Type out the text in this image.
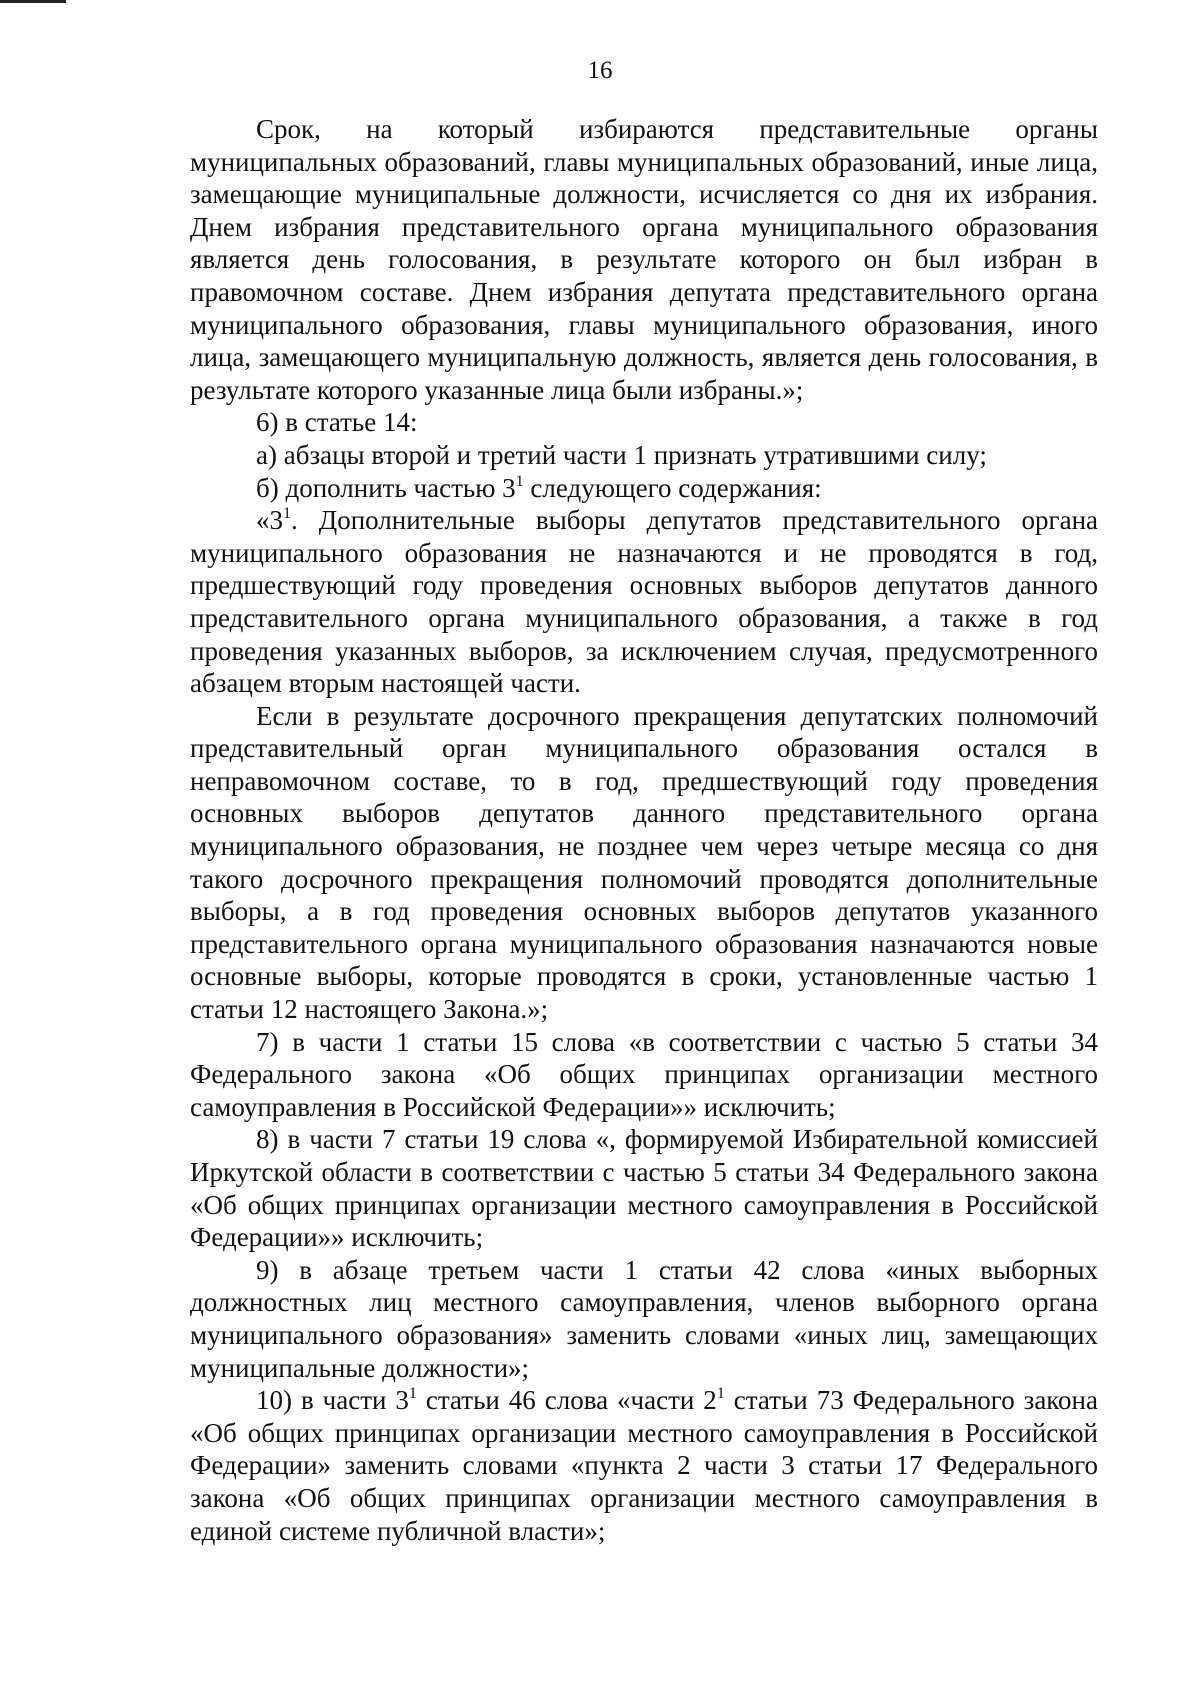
16

Срок, на который избираются представительные органы муниципальных образований, главы муниципальных образований, иные лица, замещающие муниципальные должности, исчисляется со дня их избрания. Днем избрания представительного органа муниципального образования является день голосования, в результате которого он был избран в правомочном составе. Днем избрания депутата представительного органа муниципального образования, главы муниципального образования, иного лица, замещающего муниципальную должность, является день голосования, в результате которого указанные лица были избраны.»;

6) в статье 14:

а) абзацы второй и третий части 1 признать утратившими силу;

б) дополнить частью $3^1$ следующего содержания:

«$3^1$. Дополнительные выборы депутатов представительного органа муниципального образования не назначаются и не проводятся в год, предшествующий году проведения основных выборов депутатов данного представительного органа муниципального образования, а также в год проведения указанных выборов, за исключением случая, предусмотренного абзацем вторым настоящей части.

Если в результате досрочного прекращения депутатских полномочий представительный орган муниципального образования остался в неправомочном составе, то в год, предшествующий году проведения основных выборов депутатов данного представительного органа муниципального образования, не позднее чем через четыре месяца со дня такого досрочного прекращения полномочий проводятся дополнительные выборы, а в год проведения основных выборов депутатов указанного представительного органа муниципального образования назначаются новые основные выборы, которые проводятся в сроки, установленные частью 1 статьи 12 настоящего Закона.»;

7) в части 1 статьи 15 слова «в соответствии с частью 5 статьи 34 Федерального закона «Об общих принципах организации местного самоуправления в Российской Федерации»» исключить;

8) в части 7 статьи 19 слова «, формируемой Избирательной комиссией Иркутской области в соответствии с частью 5 статьи 34 Федерального закона «Об общих принципах организации местного самоуправления в Российской Федерации»» исключить;

9) в абзаце третьем части 1 статьи 42 слова «иных выборных должностных лиц местного самоуправления, членов выборного органа муниципального образования» заменить словами «иных лиц, замещающих муниципальные должности»;

10) в части $3^1$ статьи 46 слова «части $2^1$ статьи 73 Федерального закона «Об общих принципах организации местного самоуправления в Российской Федерации» заменить словами «пункта 2 части 3 статьи 17 Федерального закона «Об общих принципах организации местного самоуправления в единой системе публичной власти»;
